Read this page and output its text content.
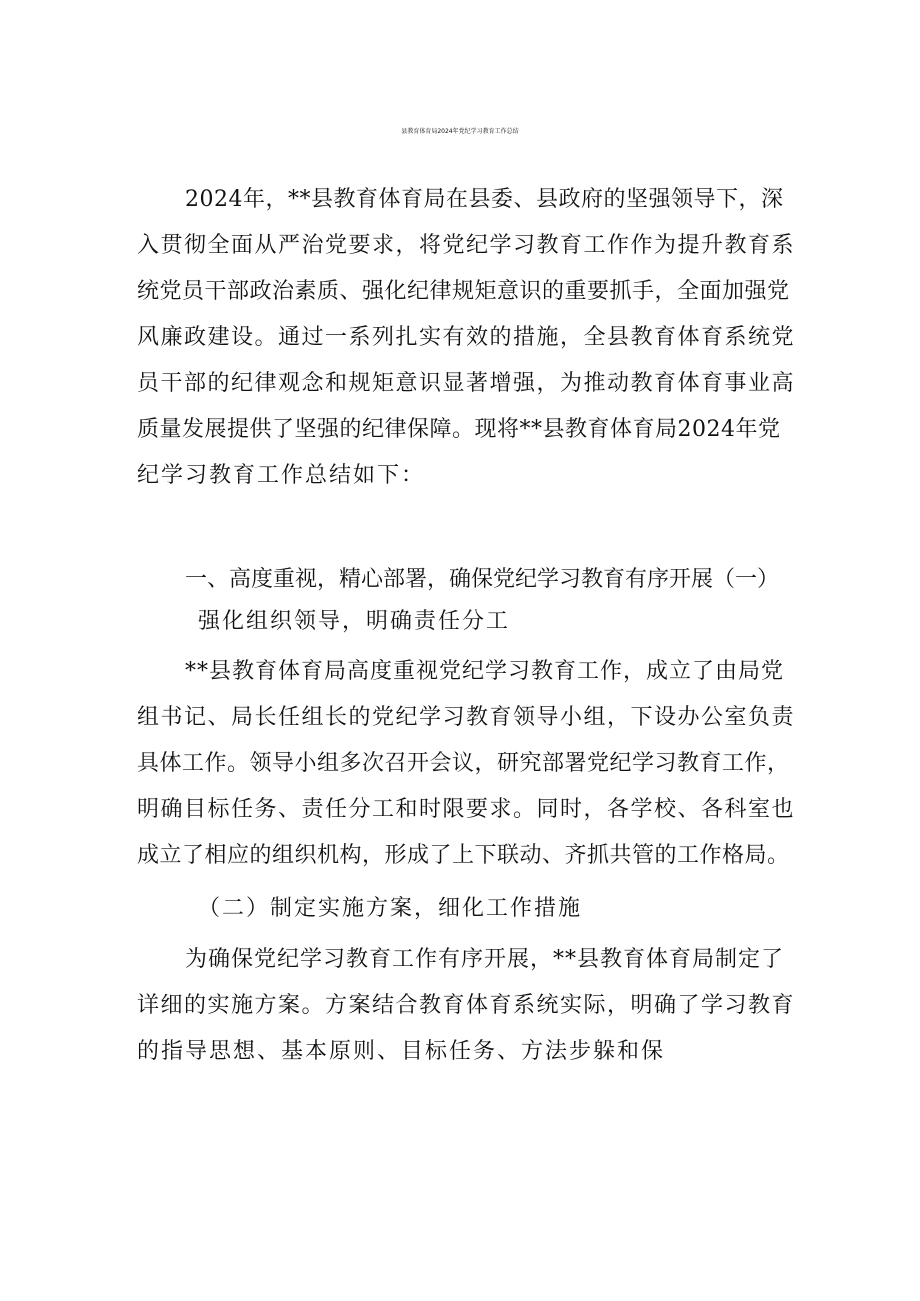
县教育体育局2024年党纪学习教育工作总结
2024年，**县教育体育局在县委、县政府的坚强领导下，深
入贯彻全面从严治党要求，将党纪学习教育工作作为提升教育系
统党员干部政治素质、强化纪律规矩意识的重要抓手，全面加强党
风廉政建设。通过一系列扎实有效的措施，全县教育体育系统党
员干部的纪律观念和规矩意识显著增强，为推动教育体育事业高
质量发展提供了坚强的纪律保障。现将**县教育体育局2024年党
纪学习教育工作总结如下：
一、高度重视，精心部署，确保党纪学习教育有序开展（一）
强化组织领导，明确责任分工
**县教育体育局高度重视党纪学习教育工作，成立了由局党
组书记、局长任组长的党纪学习教育领导小组，下设办公室负责
具体工作。领导小组多次召开会议，研究部署党纪学习教育工作，
明确目标任务、责任分工和时限要求。同时，各学校、各科室也
成立了相应的组织机构，形成了上下联动、齐抓共管的工作格局。
（二）制定实施方案，细化工作措施
为确保党纪学习教育工作有序开展，**县教育体育局制定了
详细的实施方案。方案结合教育体育系统实际，明确了学习教育
的指导思想、基本原则、目标任务、方法步躲和保
